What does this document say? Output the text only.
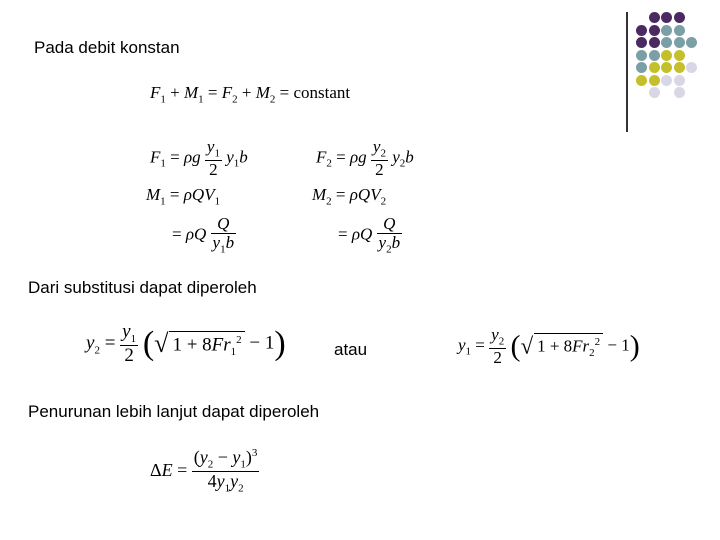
Pada debit konstan
$F_1 + M_1 = F_2 + M_2$ = constant
$F_1 = \rho g \frac{y_1}{2} y_1b$
$M_1 = \rho QV_1$
= ρQ $\frac{Q}{y_1b}$
$F_2 = \rho g \frac{y_2}{2} y_2b$
$M_2 = \rho QV_2$
= ρQ $\frac{Q}{y_2b}$
Dari substitusi dapat diperoleh
$y_2 = \frac{y_1}{2}$ (√ $1 + 8Fr_1^2 - 1$)	atau	$y_1 = \frac{y_2}{2}$ (√ $1 + 8Fr_2^2 - 1$)
Penurunan lebih lanjut dapat diperoleh
$\Delta E = \frac{(y_2 - y_1)^3}{4y_1y_2}$
